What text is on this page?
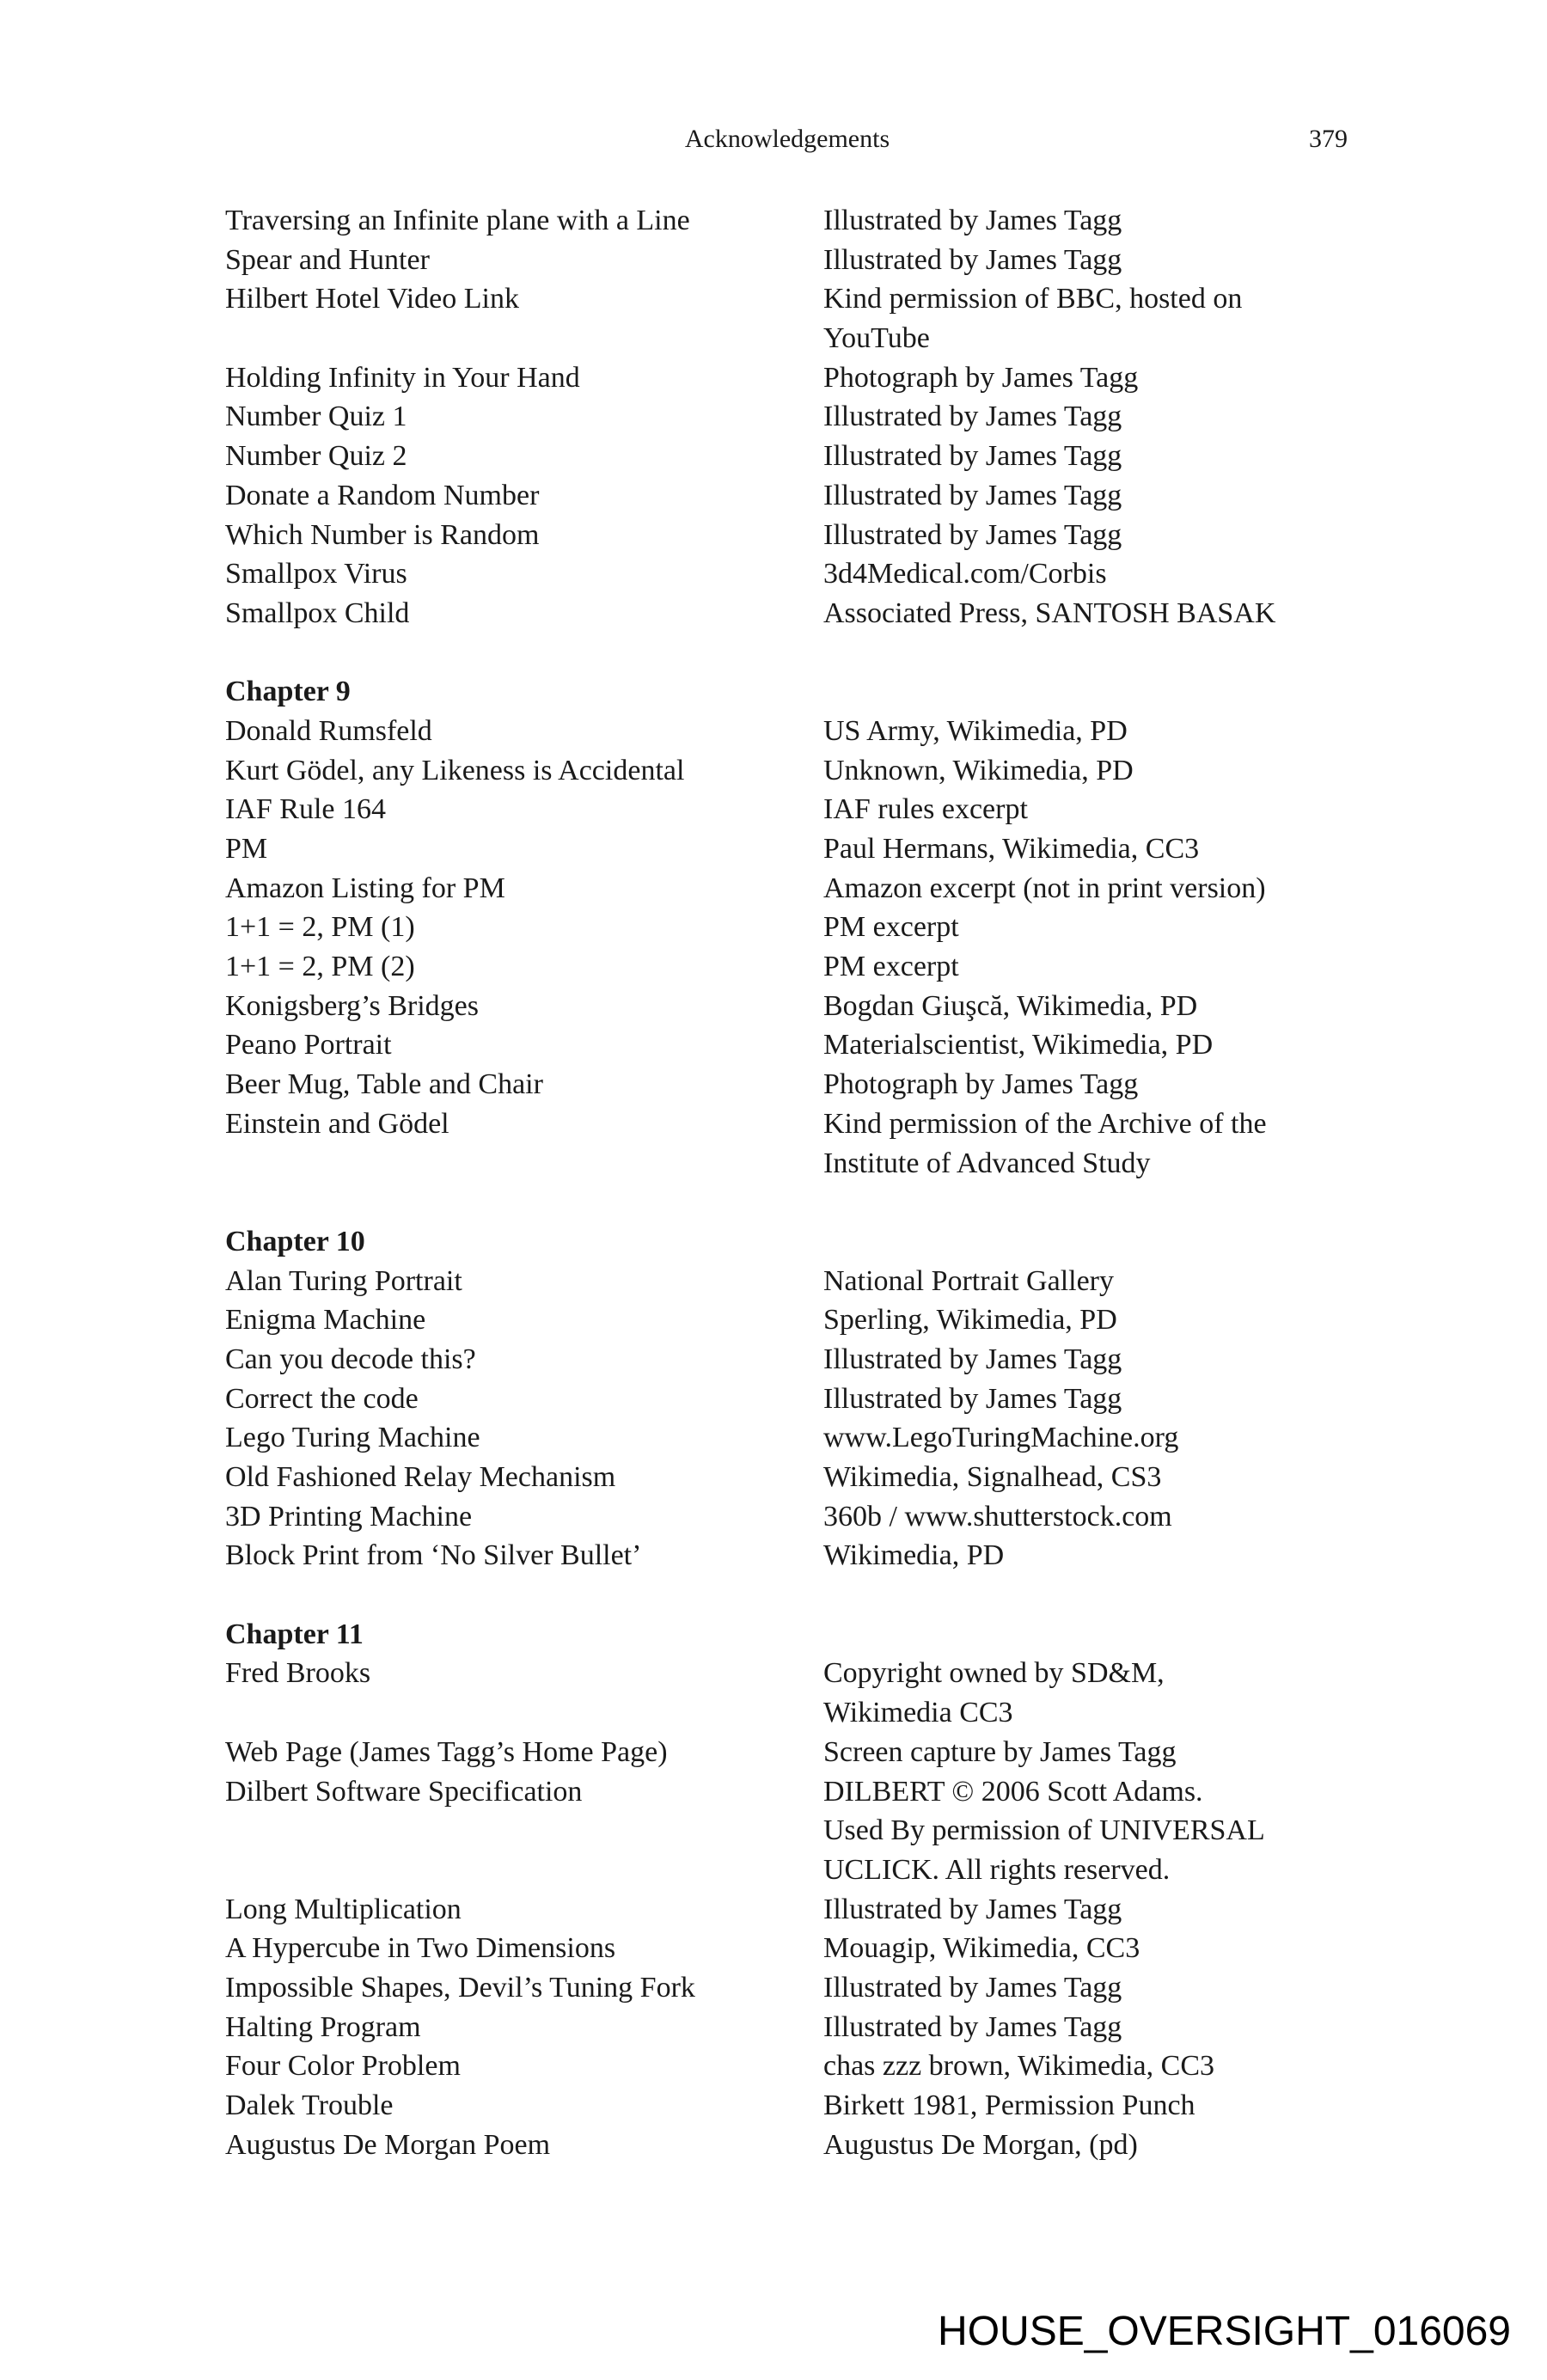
Acknowledgements	379
Traversing an Infinite plane with a Line	Illustrated by James Tagg
Spear and Hunter	Illustrated by James Tagg
Hilbert Hotel Video Link	Kind permission of BBC, hosted on
YouTube
Holding Infinity in Your Hand	Photograph by James Tagg
Number Quiz 1	Illustrated by James Tagg
Number Quiz 2	Illustrated by James Tagg
Donate a Random Number	Illustrated by James Tagg
Which Number is Random	Illustrated by James Tagg
Smallpox Virus	3d4Medical.com/Corbis
Smallpox Child	Associated Press, SANTOSH BASAK
Chapter 9
Donald Rumsfeld	US Army, Wikimedia, PD
Kurt Gödel, any Likeness is Accidental	Unknown, Wikimedia, PD
IAF Rule 164	IAF rules excerpt
PM	Paul Hermans, Wikimedia, CC3
Amazon Listing for PM	Amazon excerpt (not in print version)
1+1 = 2, PM (1)	PM excerpt
1+1 = 2, PM (2)	PM excerpt
Konigsberg’s Bridges	Bogdan Giuşcă, Wikimedia, PD
Peano Portrait	Materialscientist, Wikimedia, PD
Beer Mug, Table and Chair	Photograph by James Tagg
Einstein and Gödel	Kind permission of the Archive of the
Institute of Advanced Study
Chapter 10
Alan Turing Portrait	National Portrait Gallery
Enigma Machine	Sperling, Wikimedia, PD
Can you decode this?	Illustrated by James Tagg
Correct the code	Illustrated by James Tagg
Lego Turing Machine	www.LegoTuringMachine.org
Old Fashioned Relay Mechanism	Wikimedia, Signalhead, CS3
3D Printing Machine	360b / www.shutterstock.com
Block Print from ‘No Silver Bullet’	Wikimedia, PD
Chapter 11
Fred Brooks	Copyright owned by SD&M,
Wikimedia CC3
Web Page (James Tagg’s Home Page)	Screen capture by James Tagg
Dilbert Software Specification	DILBERT © 2006 Scott Adams.
Used By permission of UNIVERSAL
UCLICK. All rights reserved.
Long Multiplication	Illustrated by James Tagg
A Hypercube in Two Dimensions	Mouagip, Wikimedia, CC3
Impossible Shapes, Devil’s Tuning Fork	Illustrated by James Tagg
Halting Program	Illustrated by James Tagg
Four Color Problem	chas zzz brown, Wikimedia, CC3
Dalek Trouble	Birkett 1981, Permission Punch
Augustus De Morgan Poem	Augustus De Morgan, (pd)
HOUSE_OVERSIGHT_016069
